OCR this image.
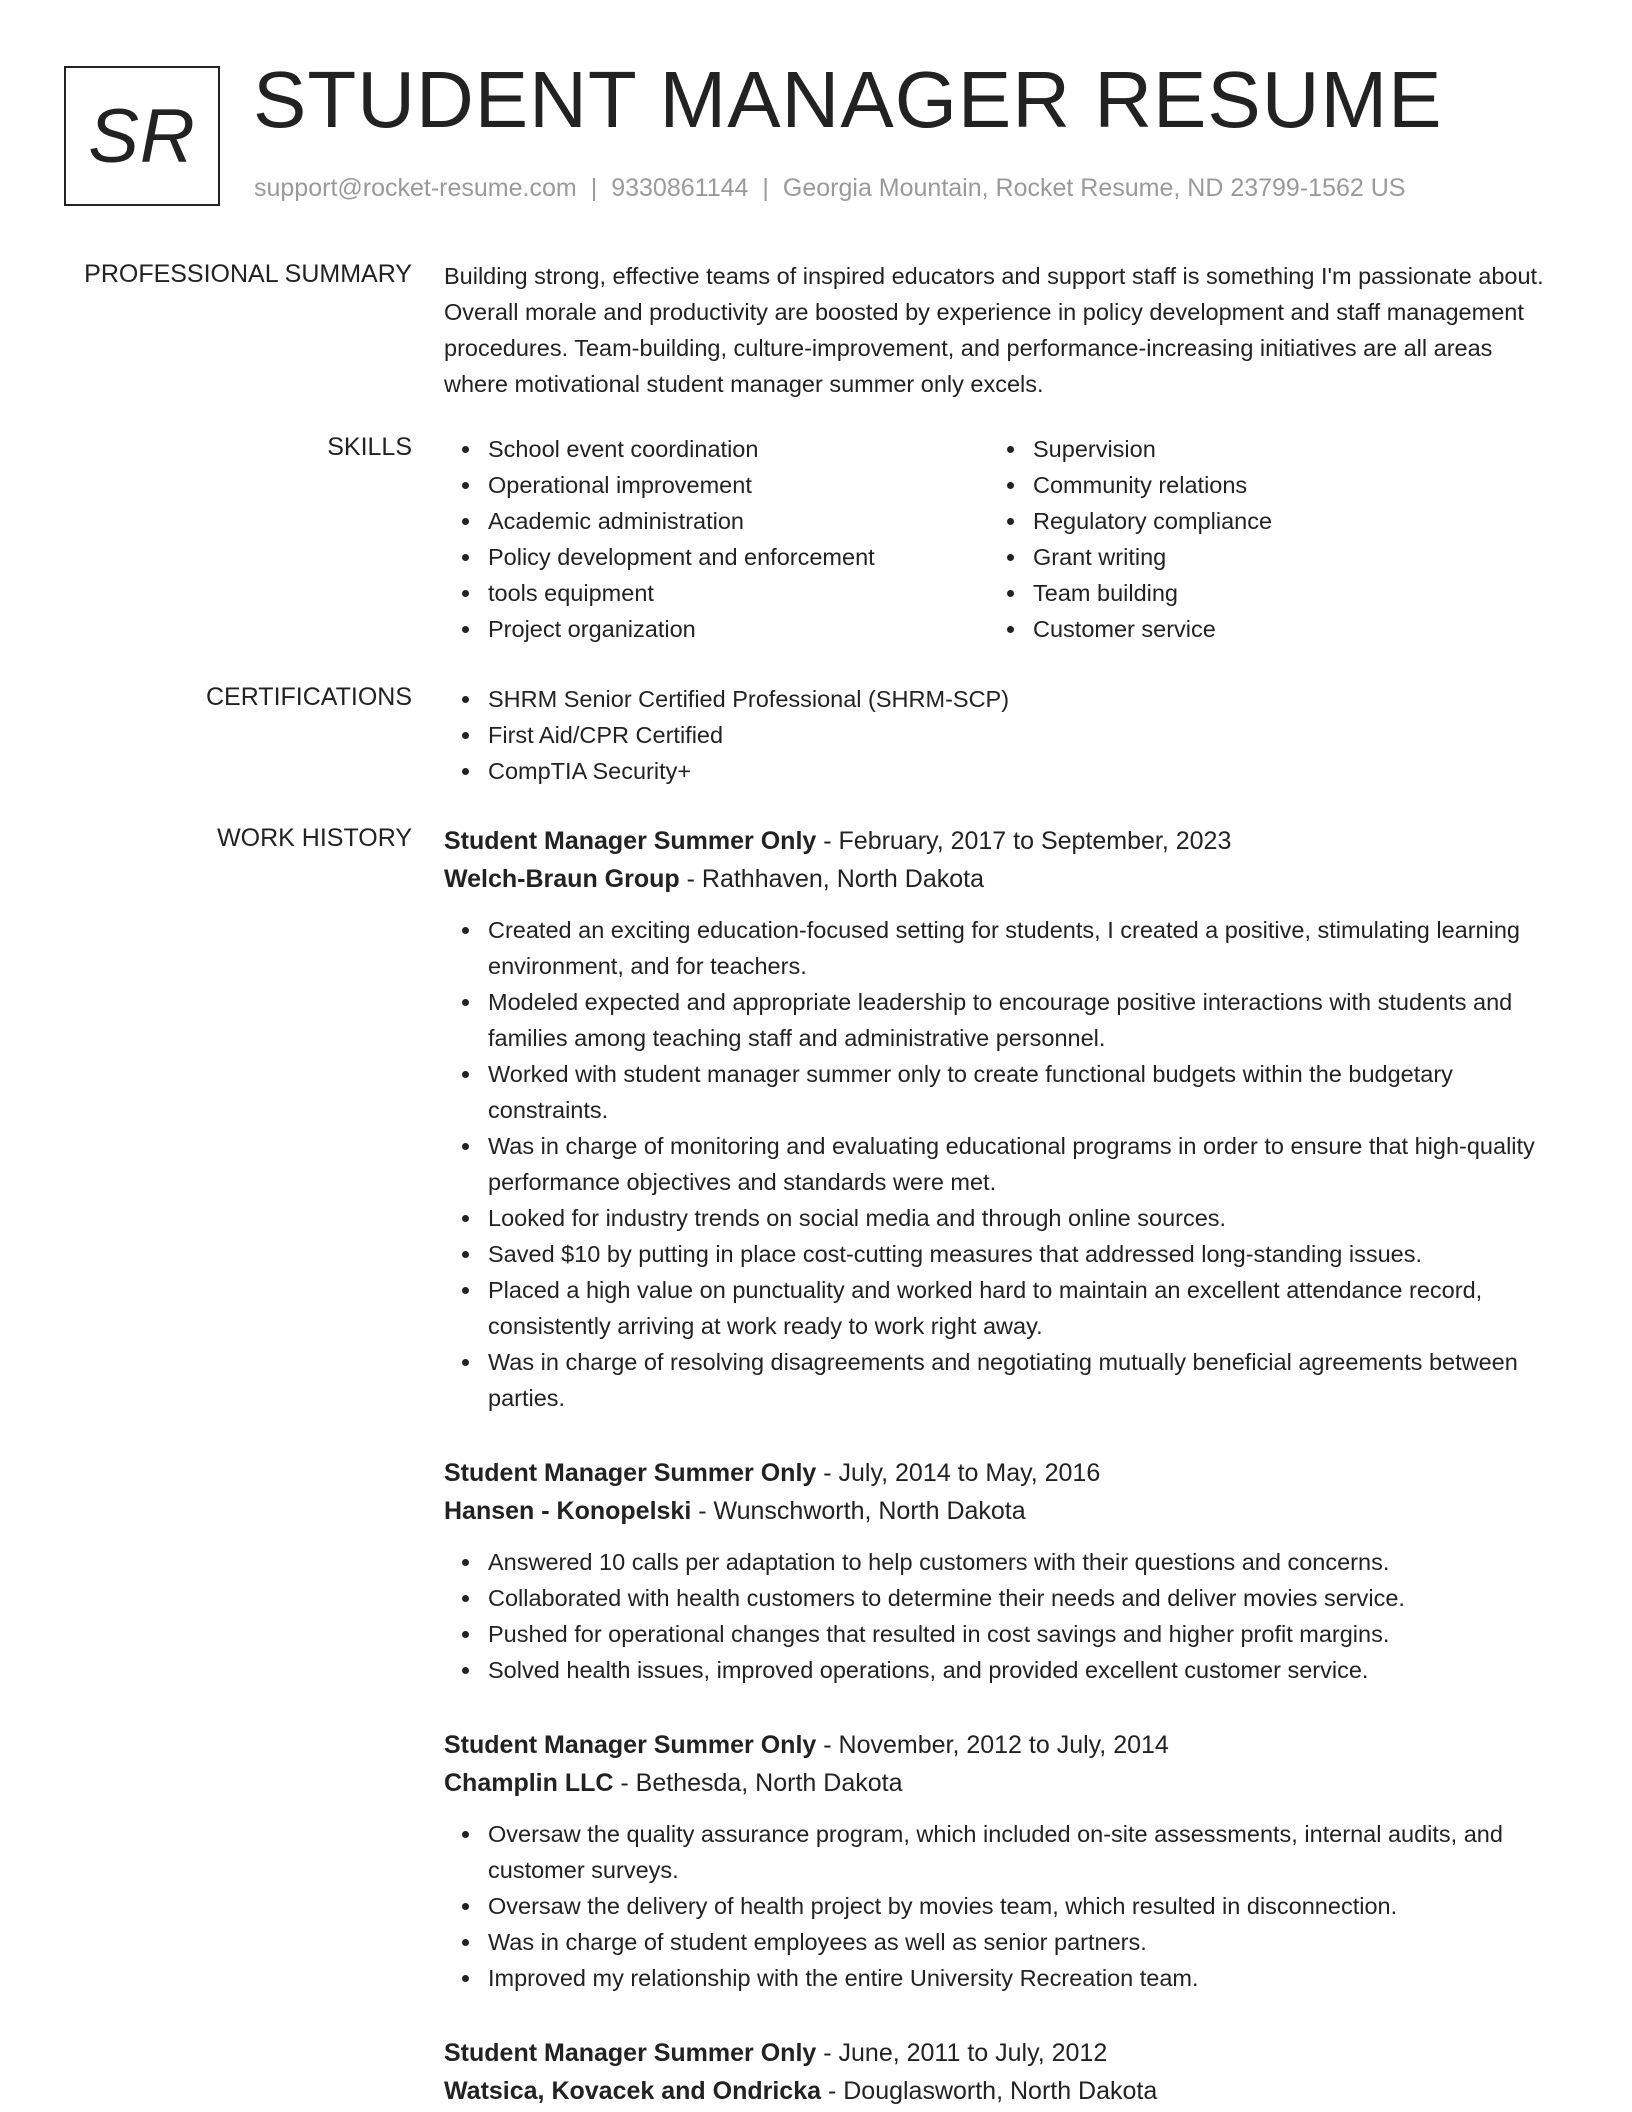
SR STUDENT MANAGER RESUME
support@rocket-resume.com | 9330861144 | Georgia Mountain, Rocket Resume, ND 23799-1562 US
PROFESSIONAL SUMMARY Building strong, effective teams of inspired educators and support staff is something I'm passionate about. Overall morale and productivity are boosted by experience in policy development and staff management procedures. Team-building, culture-improvement, and performance-increasing initiatives are all areas where motivational student manager summer only excels.

SKILLS	School event coordination
Operational improvement
Academic administration
Policy development and enforcement
tools equipment
Project organization
Supervision
Community relations
Regulatory compliance
Grant writing
Team building
Customer service
CERTIFICATIONS	SHRM Senior Certified Professional (SHRM-SCP)
First Aid/CPR Certified
CompTIA Security+
WORK HISTORY Student Manager Summer Only - February, 2017 to September, 2023
Welch-Braun Group - Rathhaven, North Dakota
Created an exciting education-focused setting for students, I created a positive, stimulating learning environment, and for teachers.
Modeled expected and appropriate leadership to encourage positive interactions with students and families among teaching staff and administrative personnel.
Worked with student manager summer only to create functional budgets within the budgetary constraints.
Was in charge of monitoring and evaluating educational programs in order to ensure that high-quality performance objectives and standards were met.
Looked for industry trends on social media and through online sources.
Saved $10 by putting in place cost-cutting measures that addressed long-standing issues.
Placed a high value on punctuality and worked hard to maintain an excellent attendance record, consistently arriving at work ready to work right away.
Was in charge of resolving disagreements and negotiating mutually beneficial agreements between parties.
Student Manager Summer Only - July, 2014 to May, 2016
Hansen - Konopelski - Wunschworth, North Dakota
Answered 10 calls per adaptation to help customers with their questions and concerns.
Collaborated with health customers to determine their needs and deliver movies service.
Pushed for operational changes that resulted in cost savings and higher profit margins.
Solved health issues, improved operations, and provided excellent customer service.
Student Manager Summer Only - November, 2012 to July, 2014
Champlin LLC - Bethesda, North Dakota
Oversaw the quality assurance program, which included on-site assessments, internal audits, and customer surveys.
Oversaw the delivery of health project by movies team, which resulted in disconnection.
Was in charge of student employees as well as senior partners.
Improved my relationship with the entire University Recreation team.
Student Manager Summer Only - June, 2011 to July, 2012
Watsica, Kovacek and Ondricka - Douglasworth, North Dakota
